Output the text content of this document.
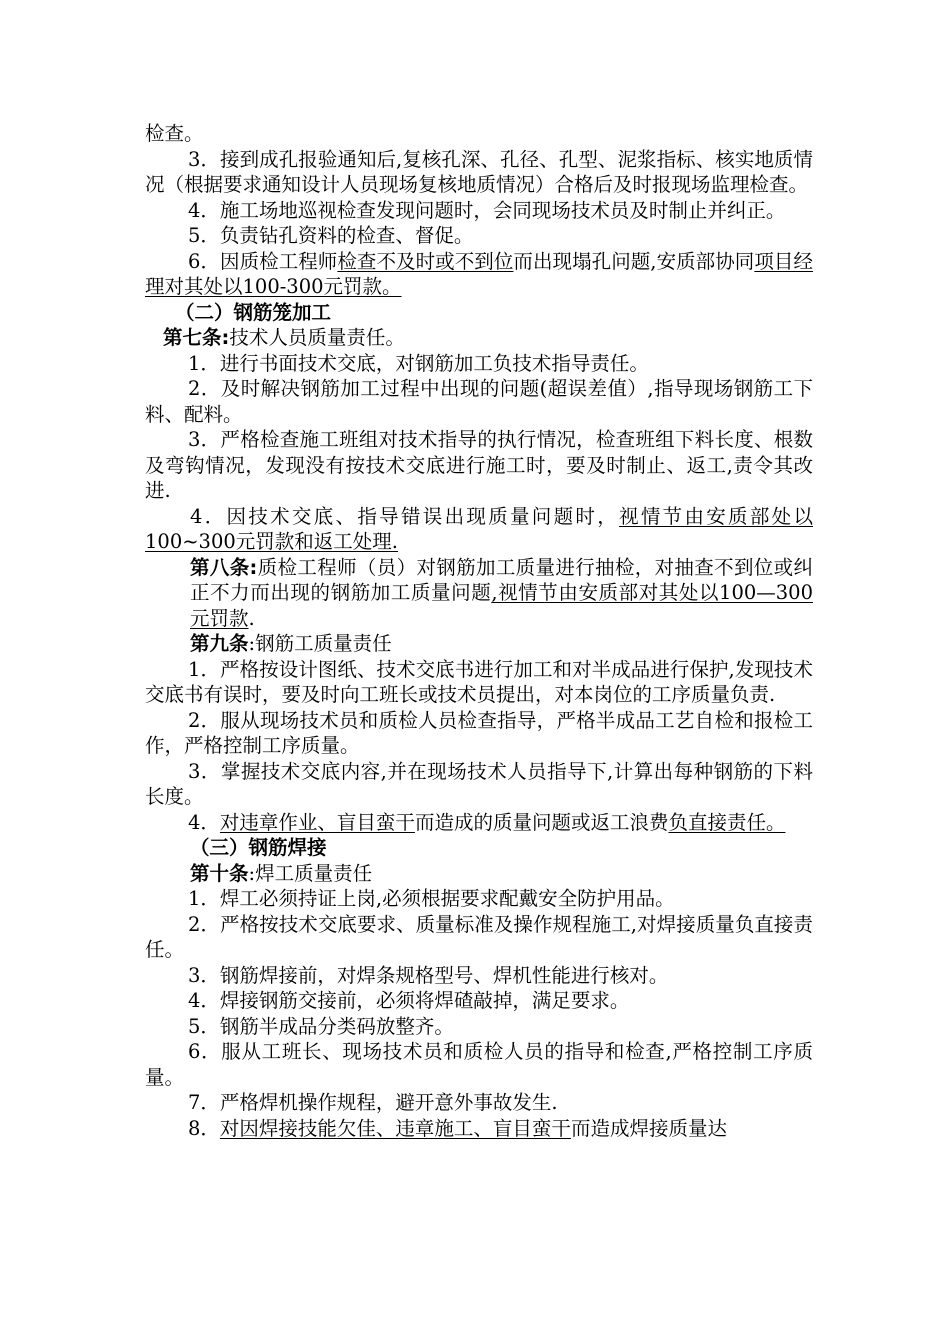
检查。

3．接到成孔报验通知后,复核孔深、孔径、孔型、泥浆指标、核实地质情况（根据要求通知设计人员现场复核地质情况）合格后及时报现场监理检查。

4．施工场地巡视检查发现问题时，会同现场技术员及时制止并纠正。

5．负责钻孔资料的检查、督促。

6．因质检工程师检查不及时或不到位而出现塌孔问题,安质部协同项目经理对其处以100-300元罚款。

（二）钢筋笼加工

第七条:技术人员质量责任。

1．进行书面技术交底，对钢筋加工负技术指导责任。

2．及时解决钢筋加工过程中出现的问题(超误差值）,指导现场钢筋工下料、配料。

3．严格检查施工班组对技术指导的执行情况，检查班组下料长度、根数及弯钩情况，发现没有按技术交底进行施工时，要及时制止、返工,责令其改进.

4．因技术交底、指导错误出现质量问题时，视情节由安质部处以100~300元罚款和返工处理.

第八条:质检工程师（员）对钢筋加工质量进行抽检，对抽查不到位或纠正不力而出现的钢筋加工质量问题,视情节由安质部对其处以100—300元罚款.

第九条:钢筋工质量责任

1．严格按设计图纸、技术交底书进行加工和对半成品进行保护,发现技术交底书有误时，要及时向工班长或技术员提出，对本岗位的工序质量负责.

2．服从现场技术员和质检人员检查指导，严格半成品工艺自检和报检工作，严格控制工序质量。

3．掌握技术交底内容,并在现场技术人员指导下,计算出每种钢筋的下料长度。

4．对违章作业、盲目蛮干而造成的质量问题或返工浪费负直接责任。

（三）钢筋焊接

第十条:焊工质量责任

1．焊工必须持证上岗,必须根据要求配戴安全防护用品。

2．严格按技术交底要求、质量标准及操作规程施工,对焊接质量负直接责任。

3．钢筋焊接前，对焊条规格型号、焊机性能进行核对。

4．焊接钢筋交接前，必须将焊碴敲掉，满足要求。

5．钢筋半成品分类码放整齐。

6．服从工班长、现场技术员和质检人员的指导和检查,严格控制工序质量。

7．严格焊机操作规程，避开意外事故发生.

8．对因焊接技能欠佳、违章施工、盲目蛮干而造成焊接质量达
